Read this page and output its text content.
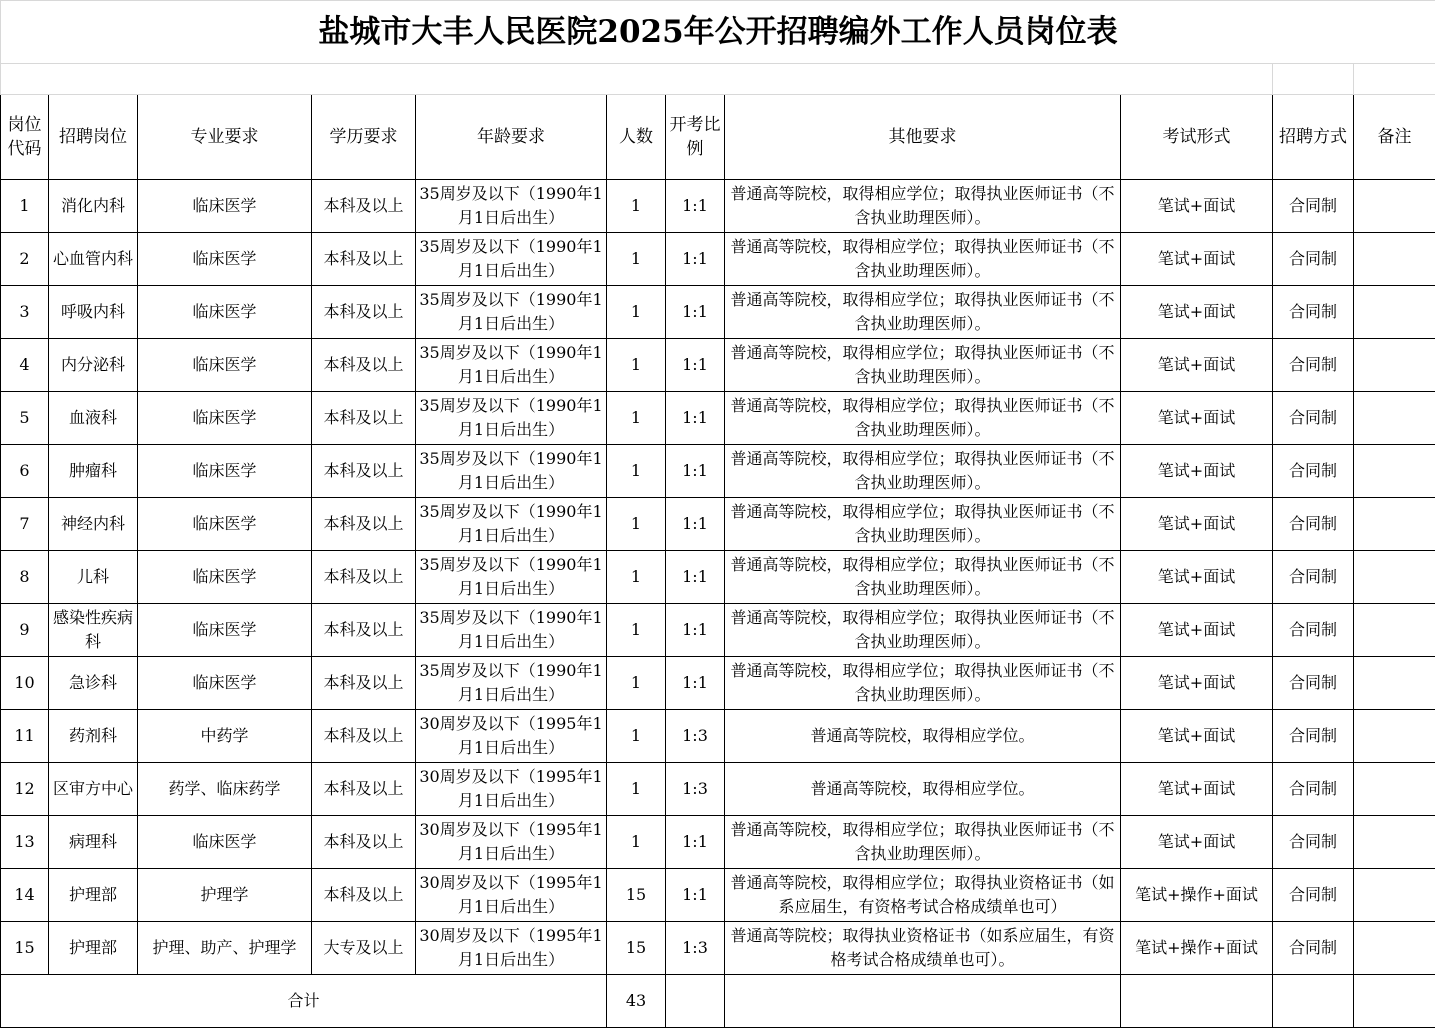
盐城市大丰人民医院2025年公开招聘编外工作人员岗位表										

岗位代码	招聘岗位	专业要求	学历要求	年龄要求	人数	开考比例	其他要求	考试形式	招聘方式	备注
1	消化内科	临床医学	本科及以上	35周岁及以下（1990年1月1日后出生）	1	1:1	普通高等院校，取得相应学位；取得执业医师证书（不含执业助理医师）。	笔试+面试	合同制	
2	心血管内科	临床医学	本科及以上	35周岁及以下（1990年1月1日后出生）	1	1:1	普通高等院校，取得相应学位；取得执业医师证书（不含执业助理医师）。	笔试+面试	合同制	
3	呼吸内科	临床医学	本科及以上	35周岁及以下（1990年1月1日后出生）	1	1:1	普通高等院校，取得相应学位；取得执业医师证书（不含执业助理医师）。	笔试+面试	合同制	
4	内分泌科	临床医学	本科及以上	35周岁及以下（1990年1月1日后出生）	1	1:1	普通高等院校，取得相应学位；取得执业医师证书（不含执业助理医师）。	笔试+面试	合同制	
5	血液科	临床医学	本科及以上	35周岁及以下（1990年1月1日后出生）	1	1:1	普通高等院校，取得相应学位；取得执业医师证书（不含执业助理医师）。	笔试+面试	合同制	
6	肿瘤科	临床医学	本科及以上	35周岁及以下（1990年1月1日后出生）	1	1:1	普通高等院校，取得相应学位；取得执业医师证书（不含执业助理医师）。	笔试+面试	合同制	
7	神经内科	临床医学	本科及以上	35周岁及以下（1990年1月1日后出生）	1	1:1	普通高等院校，取得相应学位；取得执业医师证书（不含执业助理医师）。	笔试+面试	合同制	
8	儿科	临床医学	本科及以上	35周岁及以下（1990年1月1日后出生）	1	1:1	普通高等院校，取得相应学位；取得执业医师证书（不含执业助理医师）。	笔试+面试	合同制	
9	感染性疾病科	临床医学	本科及以上	35周岁及以下（1990年1月1日后出生）	1	1:1	普通高等院校，取得相应学位；取得执业医师证书（不含执业助理医师）。	笔试+面试	合同制	
10	急诊科	临床医学	本科及以上	35周岁及以下（1990年1月1日后出生）	1	1:1	普通高等院校，取得相应学位；取得执业医师证书（不含执业助理医师）。	笔试+面试	合同制	
11	药剂科	中药学	本科及以上	30周岁及以下（1995年1月1日后出生）	1	1:3	普通高等院校，取得相应学位。	笔试+面试	合同制	
12	区审方中心	药学、临床药学	本科及以上	30周岁及以下（1995年1月1日后出生）	1	1:3	普通高等院校，取得相应学位。	笔试+面试	合同制	
13	病理科	临床医学	本科及以上	30周岁及以下（1995年1月1日后出生）	1	1:1	普通高等院校，取得相应学位；取得执业医师证书（不含执业助理医师）。	笔试+面试	合同制	
14	护理部	护理学	本科及以上	30周岁及以下（1995年1月1日后出生）	15	1:1	普通高等院校，取得相应学位；取得执业资格证书（如系应届生，有资格考试合格成绩单也可）	笔试+操作+面试	合同制	
15	护理部	护理、助产、护理学	大专及以上	30周岁及以下（1995年1月1日后出生）	15	1:3	普通高等院校；取得执业资格证书（如系应届生，有资格考试合格成绩单也可）。	笔试+操作+面试	合同制	
合计					43					
